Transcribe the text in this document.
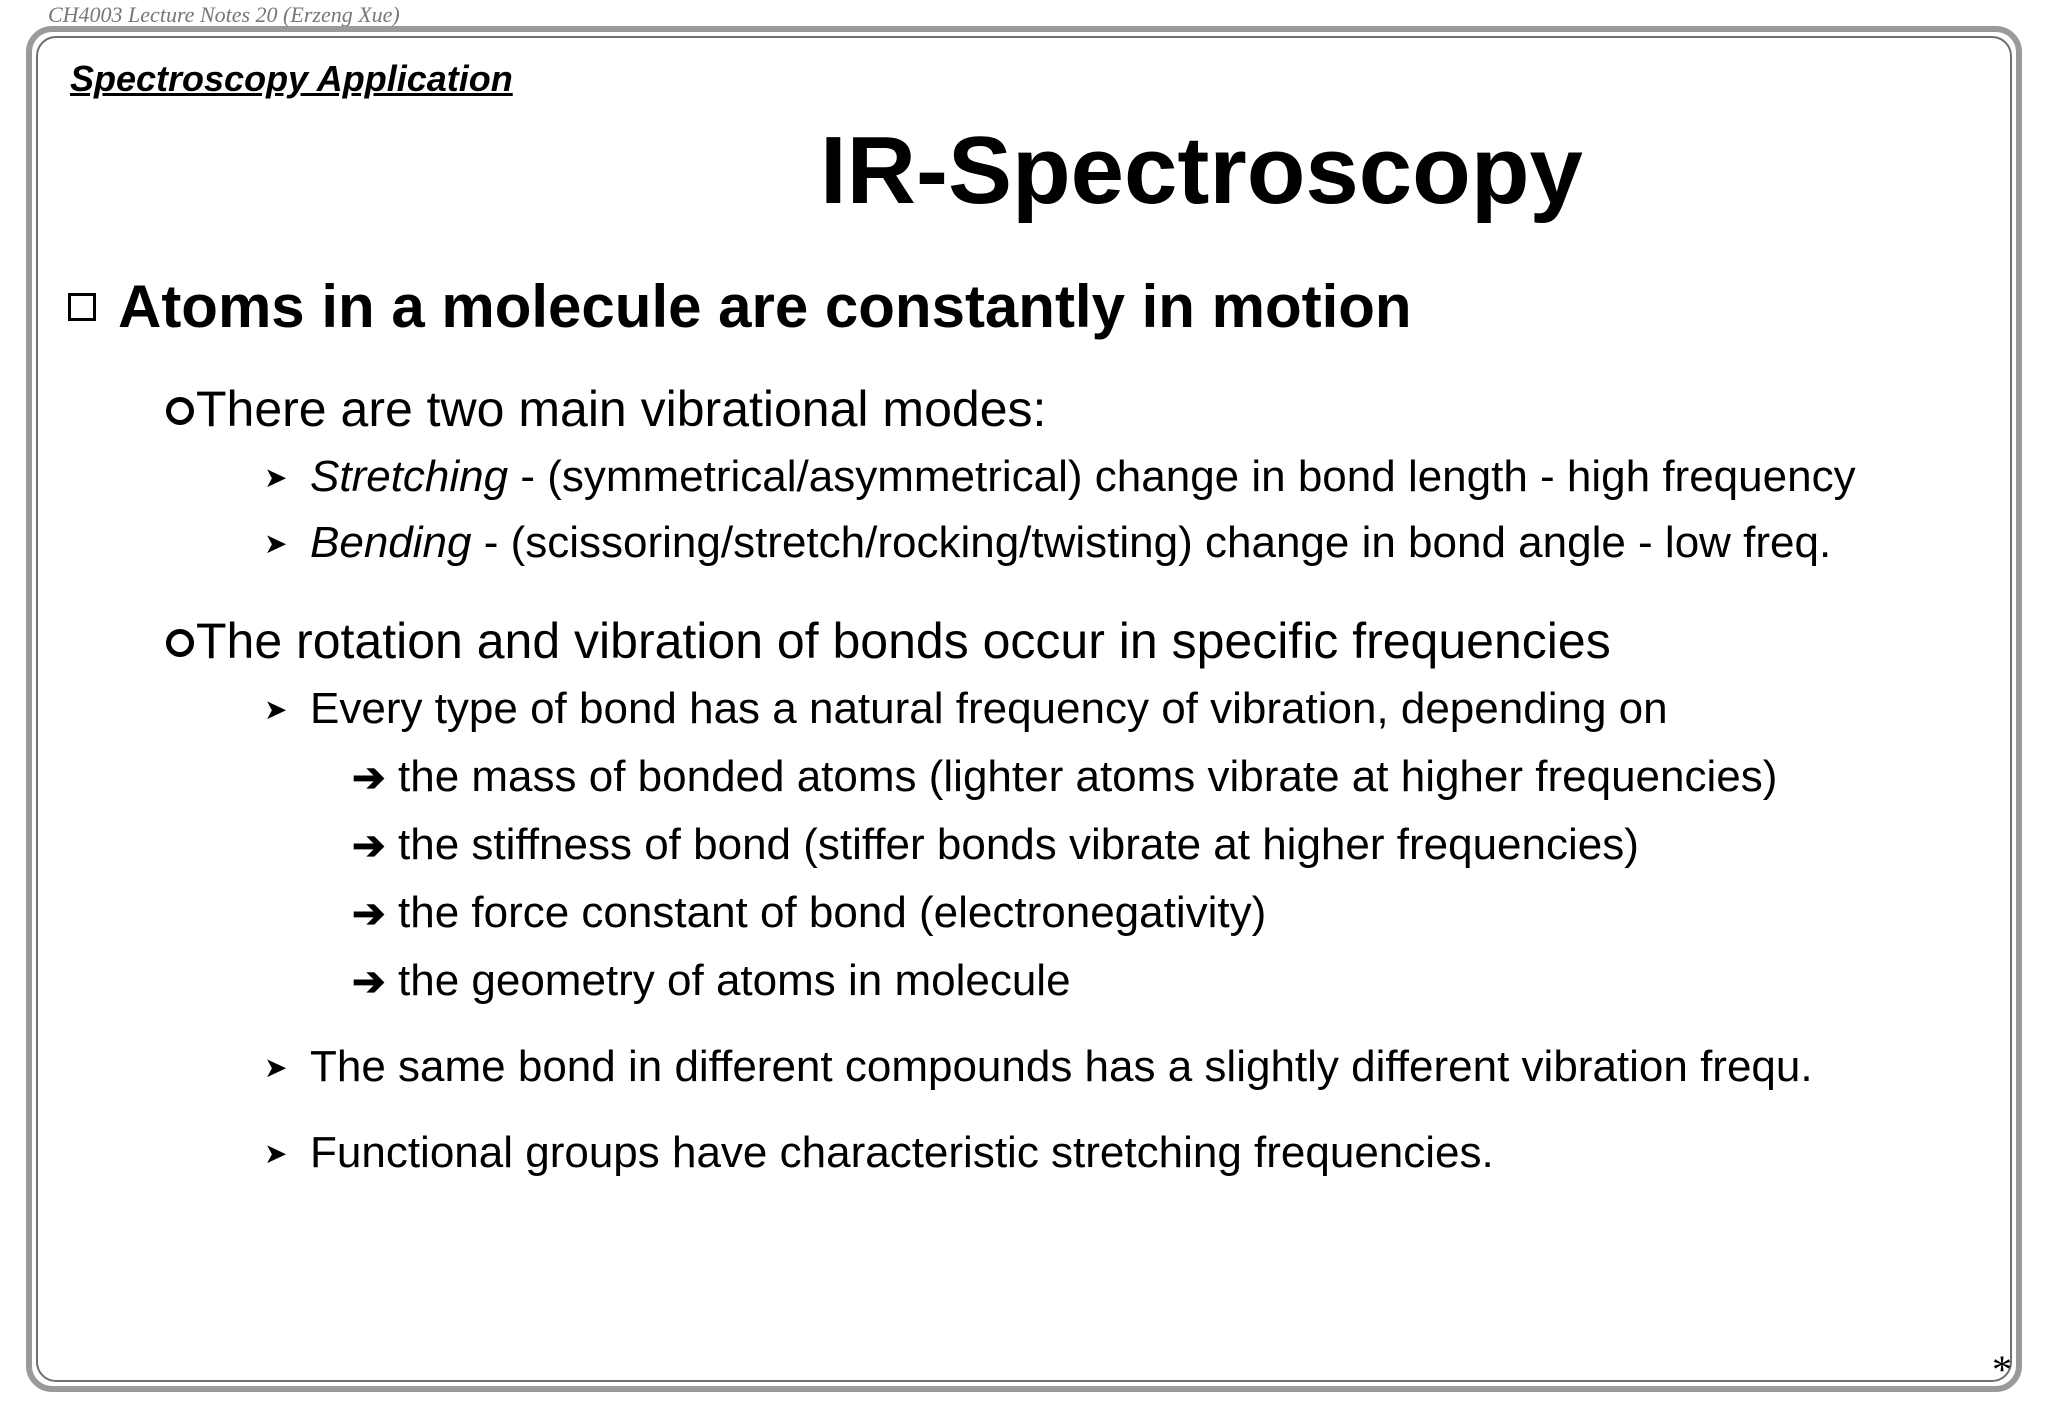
CH4003 Lecture Notes 20 (Erzeng Xue)
Spectroscopy Application
IR-Spectroscopy
Atoms in a molecule are constantly in motion
There are two main vibrational modes:
➤ Stretching - (symmetrical/asymmetrical) change in bond length - high frequency
➤ Bending - (scissoring/stretch/rocking/twisting) change in bond angle - low freq.
The rotation and vibration of bonds occur in specific frequencies
➤ Every type of bond has a natural frequency of vibration, depending on
➔ the mass of bonded atoms (lighter atoms vibrate at higher frequencies)
➔ the stiffness of bond (stiffer bonds vibrate at higher frequencies)
➔ the force constant of bond (electronegativity)
➔ the geometry of atoms in molecule
➤ The same bond in different compounds has a slightly different vibration frequ.
➤ Functional groups have characteristic stretching frequencies.
*
